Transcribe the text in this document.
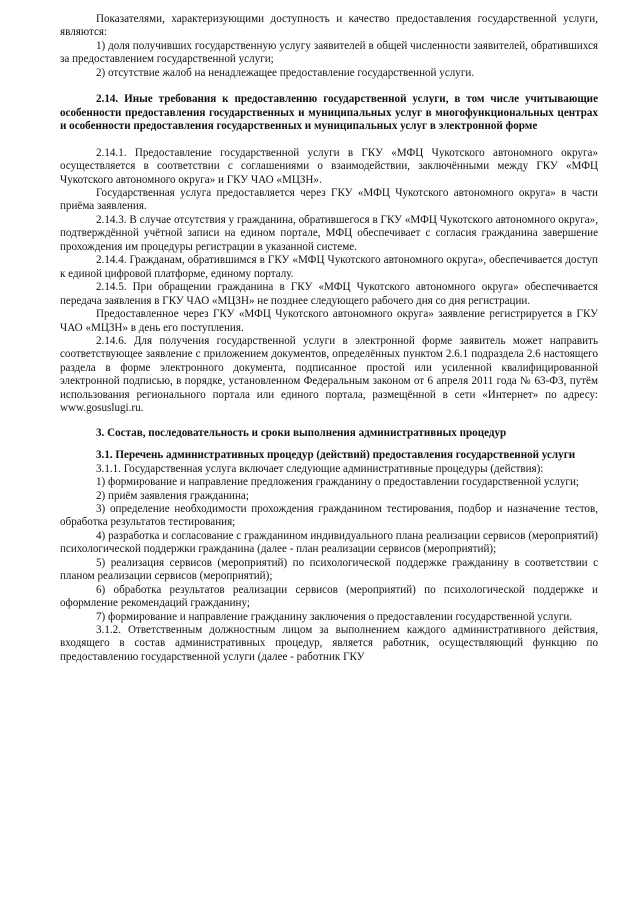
Показателями, характеризующими доступность и качество предоставления государственной услуги, являются:

1) доля получивших государственную услугу заявителей в общей численности заявителей, обратившихся за предоставлением государственной услуги;

2) отсутствие жалоб на ненадлежащее предоставление государственной услуги.

2.14. Иные требования к предоставлению государственной услуги, в том числе учитывающие особенности предоставления государственных и муниципальных услуг в многофункциональных центрах и особенности предоставления государственных и муниципальных услуг в электронной форме

2.14.1. Предоставление государственной услуги в ГКУ «МФЦ Чукотского автономного округа» осуществляется в соответствии с соглашениями о взаимодействии, заключёнными между ГКУ «МФЦ Чукотского автономного округа» и ГКУ ЧАО «МЦЗН».

Государственная услуга предоставляется через ГКУ «МФЦ Чукотского автономного округа» в части приёма заявления.

2.14.3. В случае отсутствия у гражданина, обратившегося в ГКУ «МФЦ Чукотского автономного округа», подтверждённой учётной записи на едином портале, МФЦ обеспечивает с согласия гражданина завершение прохождения им процедуры регистрации в указанной системе.

2.14.4. Гражданам, обратившимся в ГКУ «МФЦ Чукотского автономного округа», обеспечивается доступ к единой цифровой платформе, единому порталу.

2.14.5. При обращении гражданина в ГКУ «МФЦ Чукотского автономного округа» обеспечивается передача заявления в ГКУ ЧАО «МЦЗН» не позднее следующего рабочего дня со дня регистрации.

Предоставленное через ГКУ «МФЦ Чукотского автономного округа» заявление регистрируется в ГКУ ЧАО «МЦЗН» в день его поступления.

2.14.6. Для получения государственной услуги в электронной форме заявитель может направить соответствующее заявление с приложением документов, определённых пунктом 2.6.1 подраздела 2.6 настоящего раздела в форме электронного документа, подписанное простой или усиленной квалифицированной электронной подписью, в порядке, установленном Федеральным законом от 6 апреля 2011 года № 63-ФЗ, путём использования регионального портала или единого портала, размещённой в сети «Интернет» по адресу: www.gosuslugi.ru.

3. Состав, последовательность и сроки выполнения административных процедур

3.1. Перечень административных процедур (действий) предоставления государственной услуги

3.1.1. Государственная услуга включает следующие административные процедуры (действия):

1) формирование и направление предложения гражданину о предоставлении государственной услуги;

2) приём заявления гражданина;

3) определение необходимости прохождения гражданином тестирования, подбор и назначение тестов, обработка результатов тестирования;

4) разработка и согласование с гражданином индивидуального плана реализации сервисов (мероприятий) психологической поддержки гражданина (далее - план реализации сервисов (мероприятий);

5) реализация сервисов (мероприятий) по психологической поддержке гражданину в соответствии с планом реализации сервисов (мероприятий);

6) обработка результатов реализации сервисов (мероприятий) по психологической поддержке и оформление рекомендаций гражданину;

7) формирование и направление гражданину заключения о предоставлении государственной услуги.

3.1.2. Ответственным должностным лицом за выполнением каждого административного действия, входящего в состав административных процедур, является работник, осуществляющий функцию по предоставлению государственной услуги (далее - работник ГКУ
